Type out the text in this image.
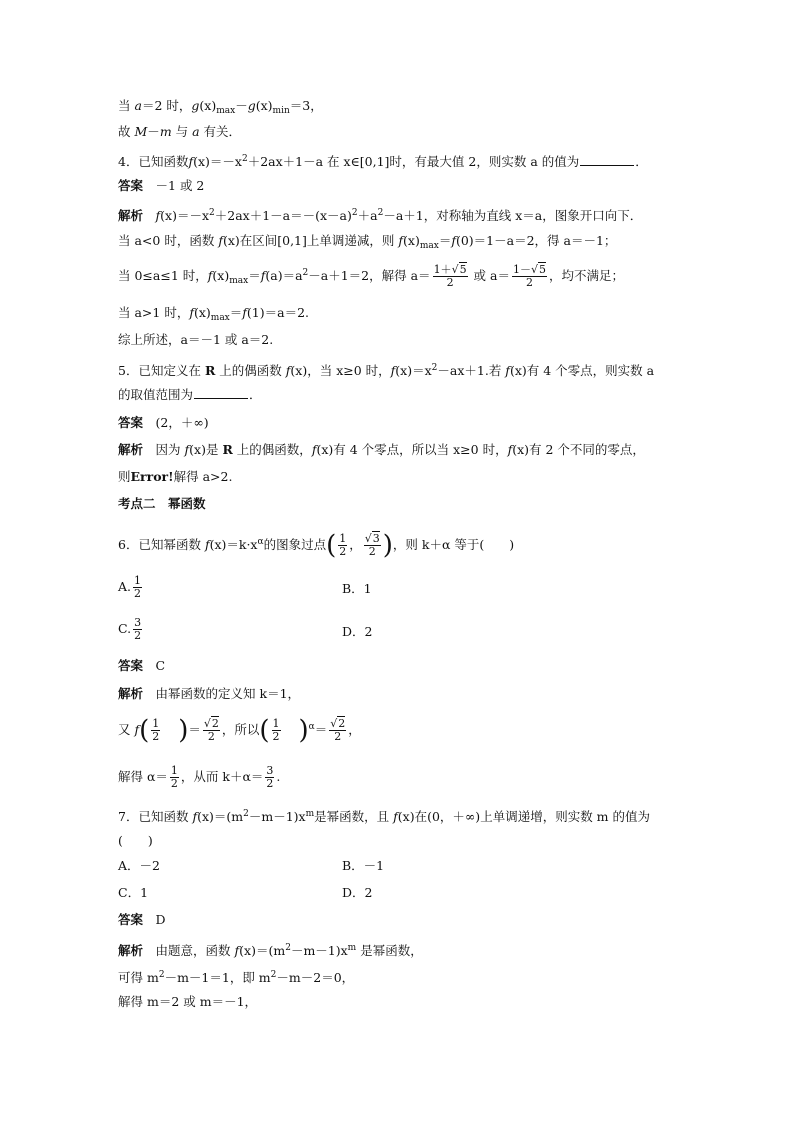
当 a＝2 时，$g(x)_{max}-g(x)_{min}=3$，
故 M－m 与 a 有关．
4．已知函数$f(x)=-x^2+2ax+1-a$ 在 x∈[0,1]时，有最大值 2，则实数 a 的值为	．
答案　 －1 或 2
解析　 $f(x)=-x^2+2ax+1-a=-(x-a)^2+a^2-a+1$，对称轴为直线 x＝a，图象开口向下．
当 a<0 时，函数 f(x)在区间[0,1]上单调递减，则 $f(x)_{max}=f(0)=1-a=2$，得 a＝－1；
当 0≤a≤1 时，$f(x)_{max}=f(a)=a^2-a+1=2$，解得 $a= \frac{1+√5}{2}$ 或 $a= \frac{1-√5}{2}$ ，均不满足；
当 a>1 时，$f(x)_{max}=f(1)=a=2$.
综上所述，a＝－1 或 a＝2.
5．已知定义在 R 上的偶函数 f(x)，当 x≥0 时，$f(x)=x^2-ax+1$.若 f(x)有 4 个零点，则实数 a
的取值范围为	．
答案　 (2，＋∞)
解析　 因为 f(x)是 R 上的偶函数，f(x)有 4 个零点，所以当 x≥0 时，f(x)有 2 个不同的零点，
则Error!解得 a>2.
考点二　幂函数
6．已知幂函数 $f(x)=k\cdot x^\alpha$的图象过点( $\frac{1}{2}$ ， $\frac{√3}{2}$ )，则 k＋α 等于(　　)
A. $\frac{1}{2}$	B．1
C. $\frac{3}{2}$	D．2
答案　 C
解析　 由幂函数的定义知 k＝1，
又 $f( \frac{1}{2}$ )＝ $\frac{√2}{2}$ ，所以( $\frac{1}{2} )^\alpha= \frac{√2}{2}$ ，
解得 $\alpha= \frac{1}{2}$ ，从而 $k+\alpha= \frac{3}{2}$ .
7．已知函数 $f(x)=(m^2-m-1)x^m$是幂函数，且 f(x)在(0，＋∞)上单调递增，则实数 m 的值为
(　　)
A．－2	B．－1
C．1	D．2
答案　 D
解析　 由题意，函数 $f(x)=(m^2-m-1)x^m$ 是幂函数，
可得 $m^2-m-1=1$，即 $m^2-m-2=0$，
解得 m＝2 或 m＝－1，
